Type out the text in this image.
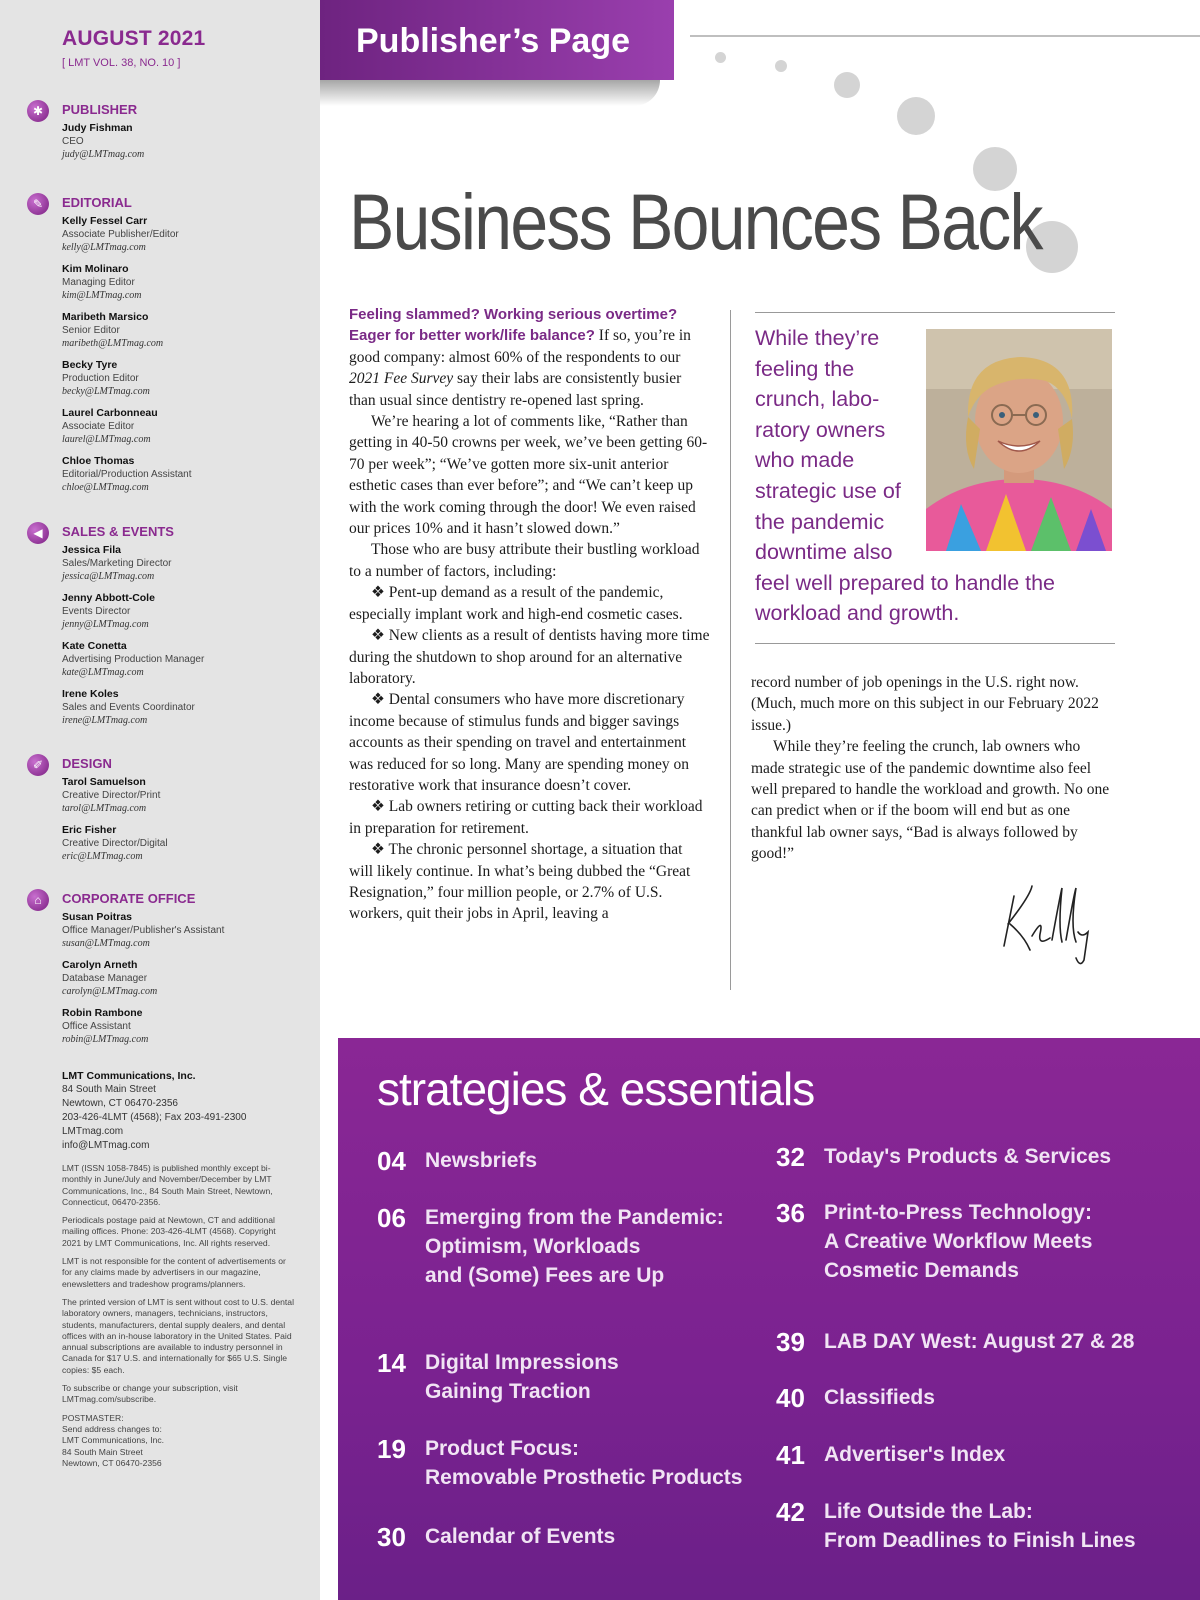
AUGUST 2021
[ LMT VOL. 38, NO. 10 ]
✱	PUBLISHER
Judy Fishman
CEO
judy@LMTmag.com
✎	EDITORIAL
Kelly Fessel Carr
Associate Publisher/Editor
kelly@LMTmag.com
Kim Molinaro
Managing Editor
kim@LMTmag.com
Maribeth Marsico
Senior Editor
maribeth@LMTmag.com
Becky Tyre
Production Editor
becky@LMTmag.com
Laurel Carbonneau
Associate Editor
laurel@LMTmag.com
Chloe Thomas
Editorial/Production Assistant
chloe@LMTmag.com
◀	SALES & EVENTS
Jessica Fila
Sales/Marketing Director
jessica@LMTmag.com
Jenny Abbott-Cole
Events Director
jenny@LMTmag.com
Kate Conetta
Advertising Production Manager
kate@LMTmag.com
Irene Koles
Sales and Events Coordinator
irene@LMTmag.com
✐	DESIGN
Tarol Samuelson
Creative Director/Print
tarol@LMTmag.com
Eric Fisher
Creative Director/Digital
eric@LMTmag.com
⌂	CORPORATE OFFICE
Susan Poitras
Office Manager/Publisher's Assistant
susan@LMTmag.com
Carolyn Arneth
Database Manager
carolyn@LMTmag.com
Robin Rambone
Office Assistant
robin@LMTmag.com
LMT Communications, Inc.
84 South Main Street
Newtown, CT 06470-2356
203-426-4LMT (4568); Fax 203-491-2300
LMTmag.com
info@LMTmag.com

LMT (ISSN 1058-7845) is published monthly except bi-monthly in June/July and November/December by LMT Communications, Inc., 84 South Main Street, Newtown, Connecticut, 06470-2356.

Periodicals postage paid at Newtown, CT and additional mailing offices. Phone: 203-426-4LMT (4568). Copyright 2021 by LMT Communications, Inc. All rights reserved.

LMT is not responsible for the content of advertisements or for any claims made by advertisers in our magazine, enewsletters and tradeshow programs/planners.

The printed version of LMT is sent without cost to U.S. dental laboratory owners, managers, technicians, instructors, students, manufacturers, dental supply dealers, and dental offices with an in-house laboratory in the United States. Paid annual subscriptions are available to industry personnel in Canada for $17 U.S. and internationally for $65 U.S. Single copies: $5 each.

To subscribe or change your subscription, visit LMTmag.com/subscribe.

POSTMASTER:
Send address changes to:
LMT Communications, Inc.
84 South Main Street
Newtown, CT 06470-2356

Publisher’s Page
Business Bounces Back

Feeling slammed? Working serious overtime? Eager for better work/life balance? If so, you’re in good company: almost 60% of the respondents to our 2021 Fee Survey say their labs are consistently busier than usual since dentistry re-opened last spring.

We’re hearing a lot of comments like, “Rather than getting in 40-50 crowns per week, we’ve been getting 60-70 per week”; “We’ve gotten more six-unit anterior esthetic cases than ever before”; and “We can’t keep up with the work coming through the door! We even raised our prices 10% and it hasn’t slowed down.”

Those who are busy attribute their bustling workload to a number of factors, including:

❖ Pent-up demand as a result of the pandemic, especially implant work and high-end cosmetic cases.

❖ New clients as a result of dentists having more time during the shutdown to shop around for an alternative laboratory.

❖ Dental consumers who have more discretionary income because of stimulus funds and bigger savings accounts as their spending on travel and entertainment was reduced for so long. Many are spending money on restorative work that insurance doesn’t cover.

❖ Lab owners retiring or cutting back their workload in preparation for retirement.

❖ The chronic personnel shortage, a situation that will likely continue. In what’s being dubbed the “Great Resignation,” four million people, or 2.7% of U.S. workers, quit their jobs in April, leaving a

While they’re
feeling the
crunch, labo-
ratory owners
who made
strategic use of
the pandemic
downtime also
feel well prepared to handle the
workload and growth.

record number of job openings in the U.S. right now. (Much, much more on this subject in our February 2022 issue.)

While they’re feeling the crunch, lab owners who made strategic use of the pandemic downtime also feel well prepared to handle the workload and growth. No one can predict when or if the boom will end but as one thankful lab owner says, “Bad is always followed by good!”

strategies & essentials
04 Newsbriefs
06 Emerging from the Pandemic:
Optimism, Workloads
and (Some) Fees are Up
14 Digital Impressions
Gaining Traction
19 Product Focus:
Removable Prosthetic Products
30 Calendar of Events
32 Today's Products & Services
36 Print-to-Press Technology:
A Creative Workflow Meets
Cosmetic Demands
39 LAB DAY West: August 27 & 28
40 Classifieds
41 Advertiser's Index
42 Life Outside the Lab:
From Deadlines to Finish Lines
